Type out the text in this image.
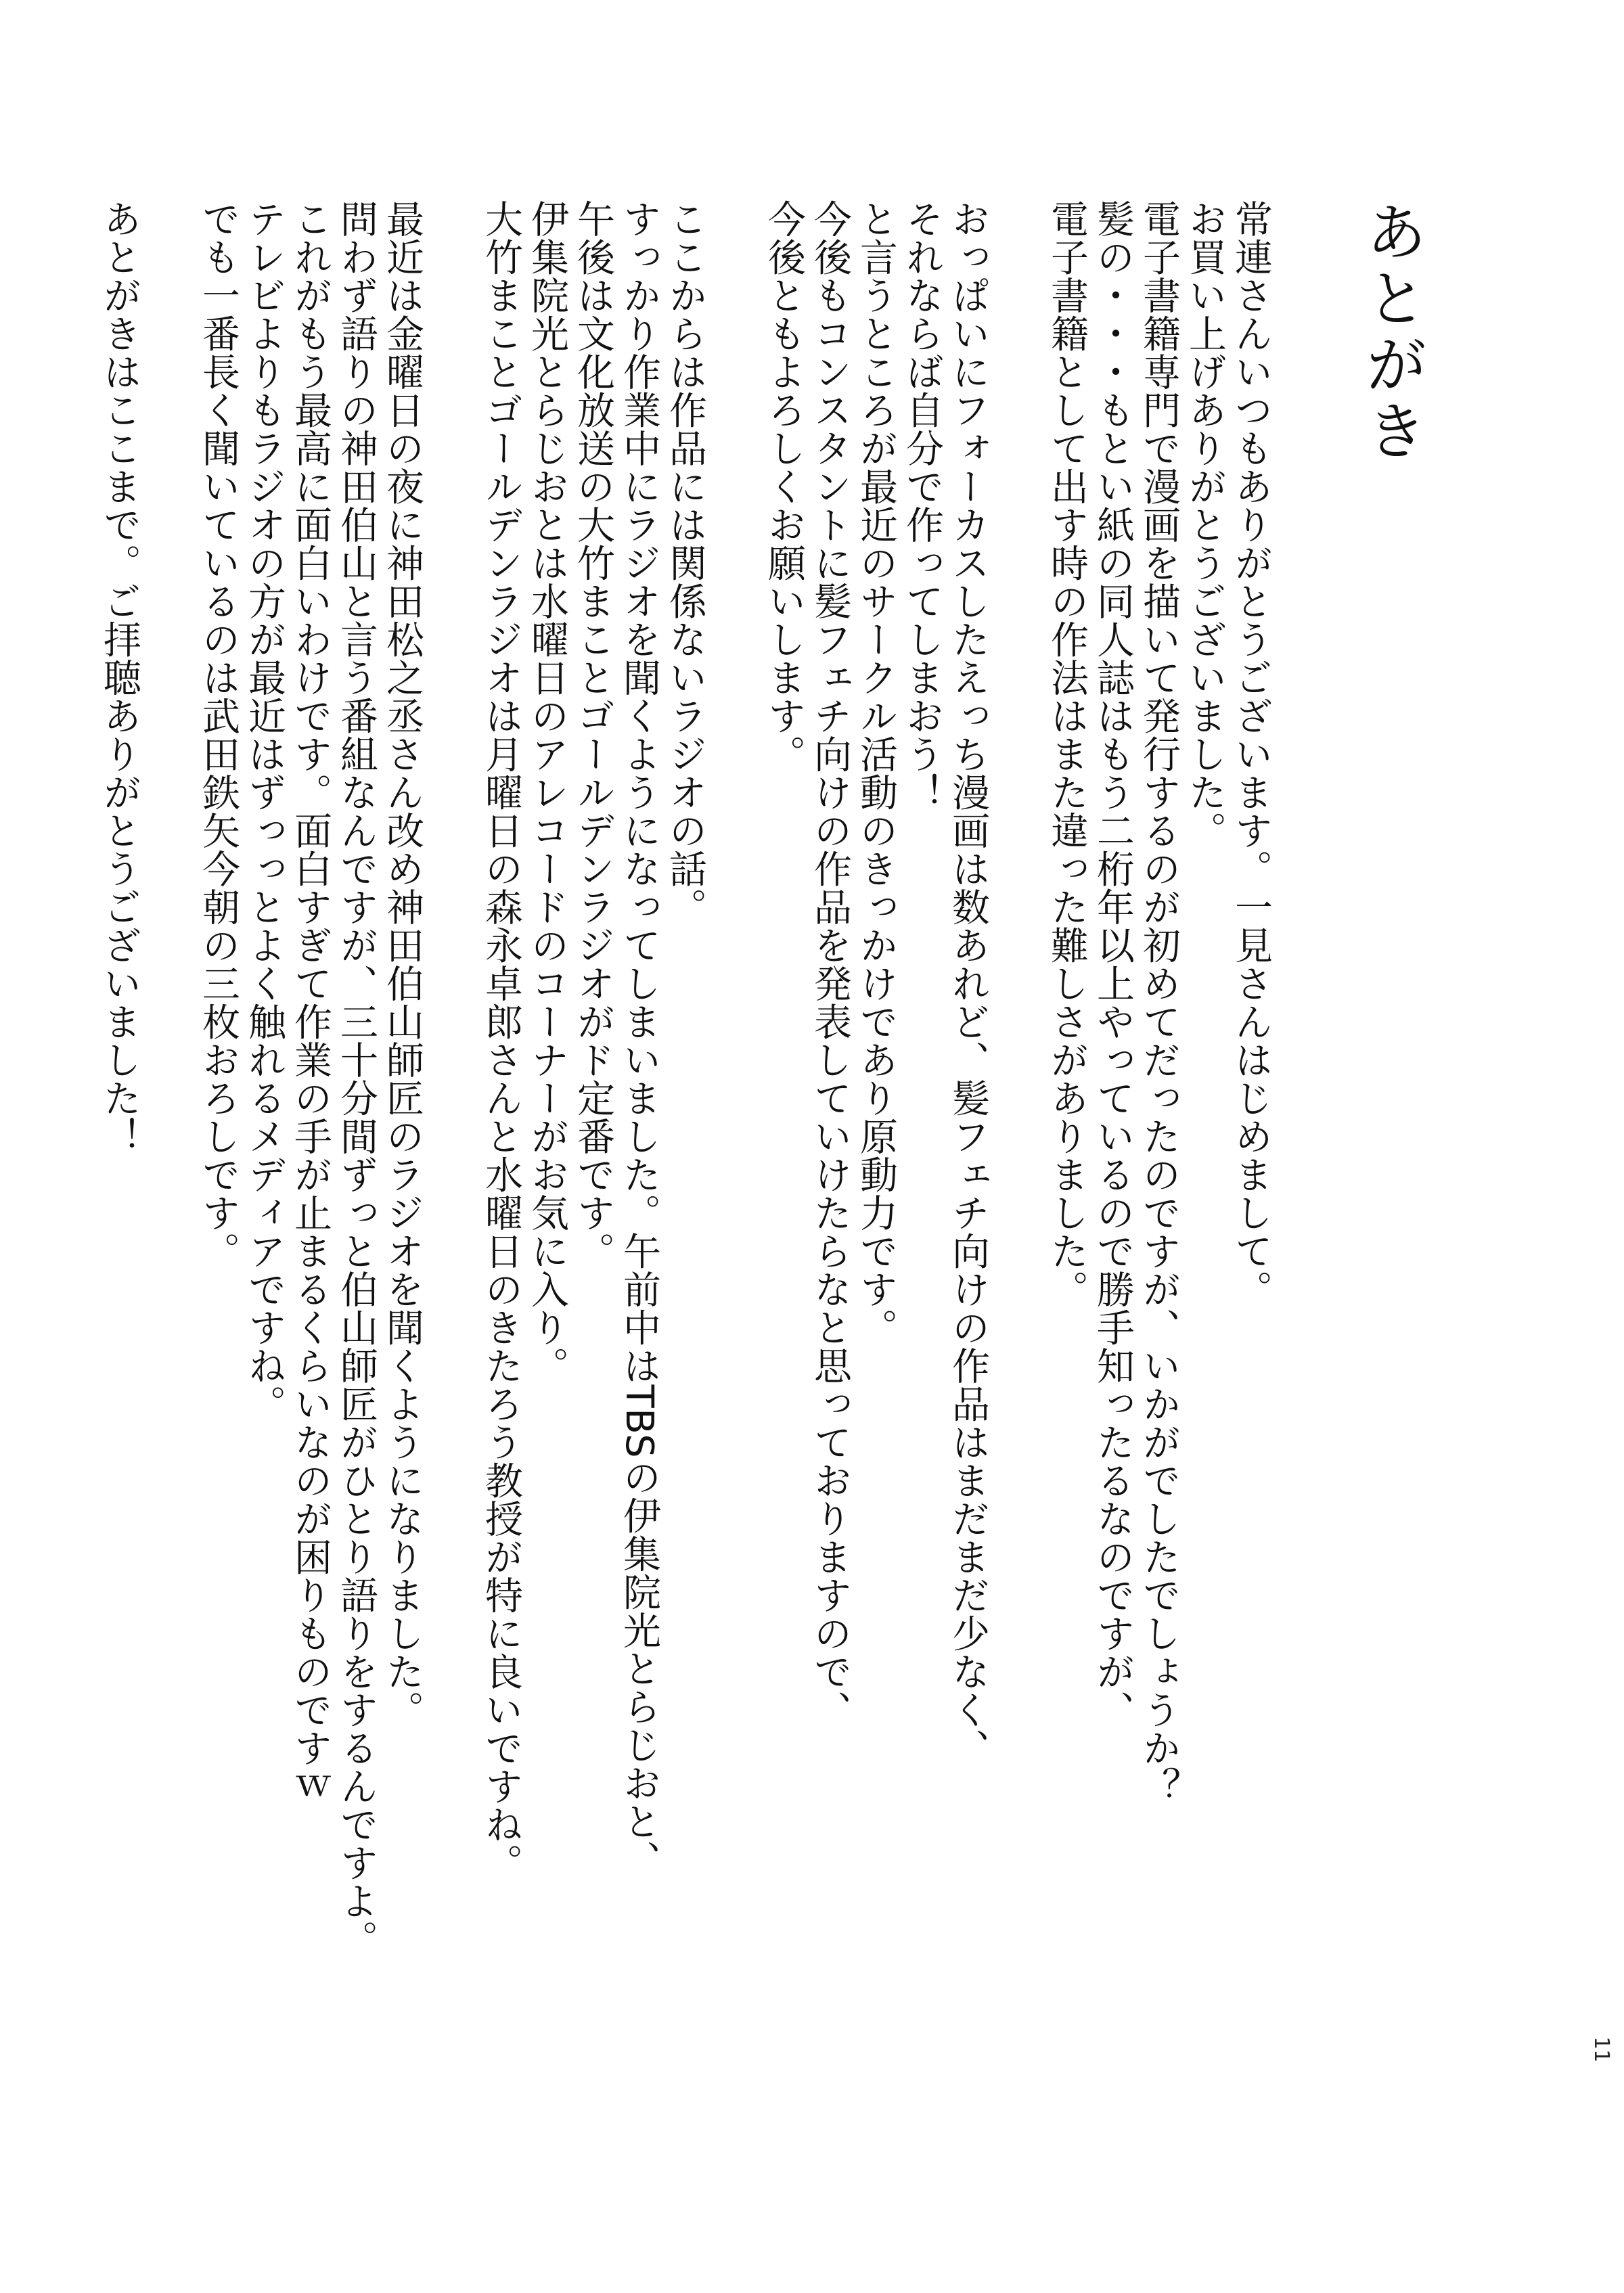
あとがき

常連さんいつもありがとうございます。一見さんはじめまして。
お買い上げありがとうございました。
電子書籍専門で漫画を描いて発行するのが初めてだったのですが、いかがでしたでしょうか？
髪の・・・もとい紙の同人誌はもう二桁年以上やっているので勝手知ったるなのですが、
電子書籍として出す時の作法はまた違った難しさがありました。

おっぱいにフォーカスしたえっち漫画は数あれど、髪フェチ向けの作品はまだまだ少なく、
それならば自分で作ってしまおう！
と言うところが最近のサークル活動のきっかけであり原動力です。
今後もコンスタントに髪フェチ向けの作品を発表していけたらなと思っておりますので、
今後ともよろしくお願いします。

ここからは作品には関係ないラジオの話。
すっかり作業中にラジオを聞くようになってしまいました。午前中はTBSの伊集院光とらじおと、
午後は文化放送の大竹まことゴールデンラジオがド定番です。
伊集院光とらじおとは水曜日のアレコードのコーナーがお気に入り。
大竹まことゴールデンラジオは月曜日の森永卓郎さんと水曜日のきたろう教授が特に良いですね。

最近は金曜日の夜に神田松之丞さん改め神田伯山師匠のラジオを聞くようになりました。
問わず語りの神田伯山と言う番組なんですが、三十分間ずっと伯山師匠がひとり語りをするんですよ。
これがもう最高に面白いわけです。面白すぎて作業の手が止まるくらいなのが困りものですｗ
テレビよりもラジオの方が最近はずっっとよく触れるメディアですね。
でも一番長く聞いているのは武田鉄矢今朝の三枚おろしです。

あとがきはここまで。ご拝聴ありがとうございました！

11
